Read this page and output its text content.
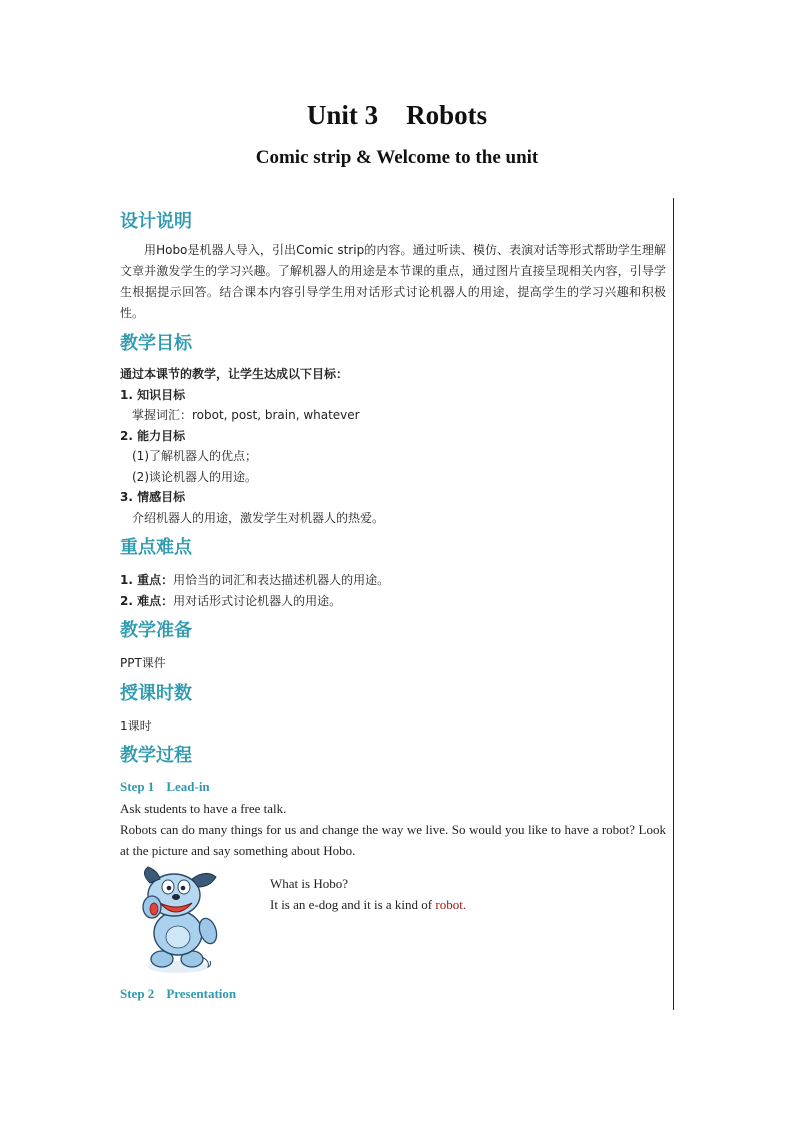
Unit 3 Robots
Comic strip & Welcome to the unit
设计说明
用Hobo是机器人导入，引出Comic strip的内容。通过听读、模仿、表演对话等形式帮助学生理解文章并激发学生的学习兴趣。了解机器人的用途是本节课的重点，通过图片直接呈现相关内容，引导学生根据提示回答。结合课本内容引导学生用对话形式讨论机器人的用途，提高学生的学习兴趣和积极性。
教学目标
通过本课节的教学，让学生达成以下目标：
1. 知识目标
掌握词汇：robot, post, brain, whatever
2. 能力目标
(1)了解机器人的优点；
(2)谈论机器人的用途。
3. 情感目标
介绍机器人的用途，激发学生对机器人的热爱。
重点难点
1. 重点：用恰当的词汇和表达描述机器人的用途。
2. 难点：用对话形式讨论机器人的用途。
教学准备
PPT课件
授课时数
1课时
教学过程
Step 1 Lead-in
Ask students to have a free talk.
Robots can do many things for us and change the way we live. So would you like to have a robot? Look at the picture and say something about Hobo.
What is Hobo?
It is an e-dog and it is a kind of robot.
Step 2 Presentation
